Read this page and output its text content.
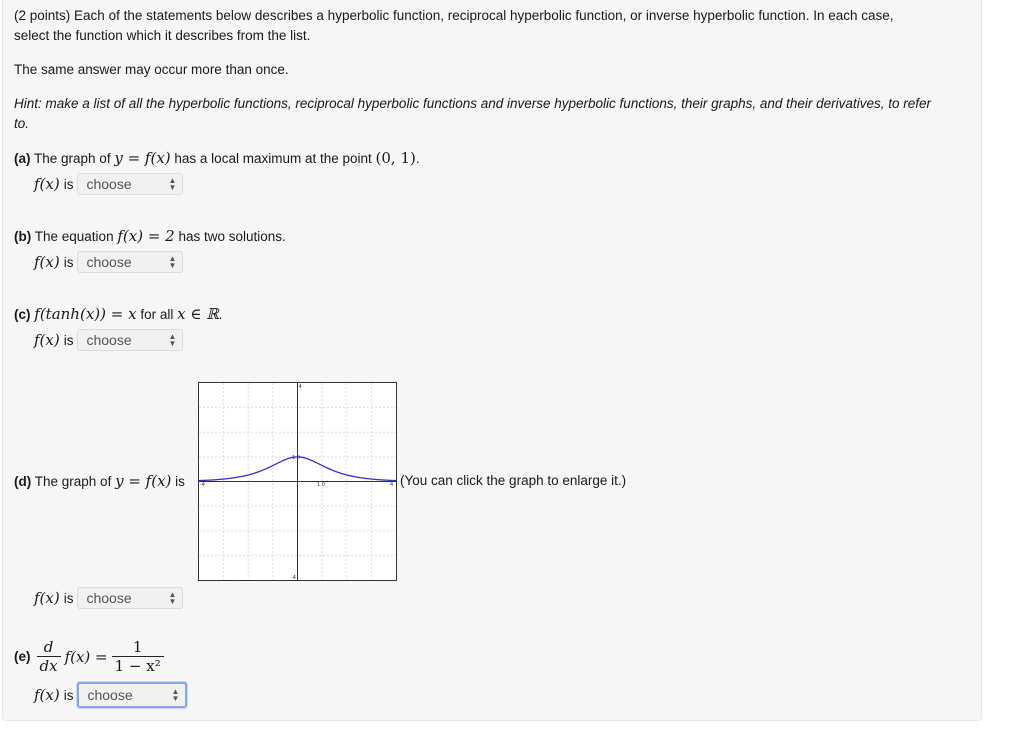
(2 points) Each of the statements below describes a hyperbolic function, reciprocal hyperbolic function, or inverse hyperbolic function. In each case,
select the function which it describes from the list.
The same answer may occur more than once.
Hint: make a list of all the hyperbolic functions, reciprocal hyperbolic functions and inverse hyperbolic functions, their graphs, and their derivatives, to refer
to.
(a) The graph of y = f(x) has a local maximum at the point (0, 1).
f(x) is choose	▲
▼
(b) The equation f(x) = 2 has two solutions.
f(x) is choose	▲
▼
(c) f(tanh(x)) = x for all x ∈ ℝ.
f(x) is choose	▲
▼
(d) The graph of y = f(x) is	-4	4
4
-4
1.0
1.0	(You can click the graph to enlarge it.)
f(x) is choose	▲
▼
$(e) \frac{d}{dx} f(x) = \frac{1}{\text{1 − x²}}$
f(x) is choose	▲
▼
